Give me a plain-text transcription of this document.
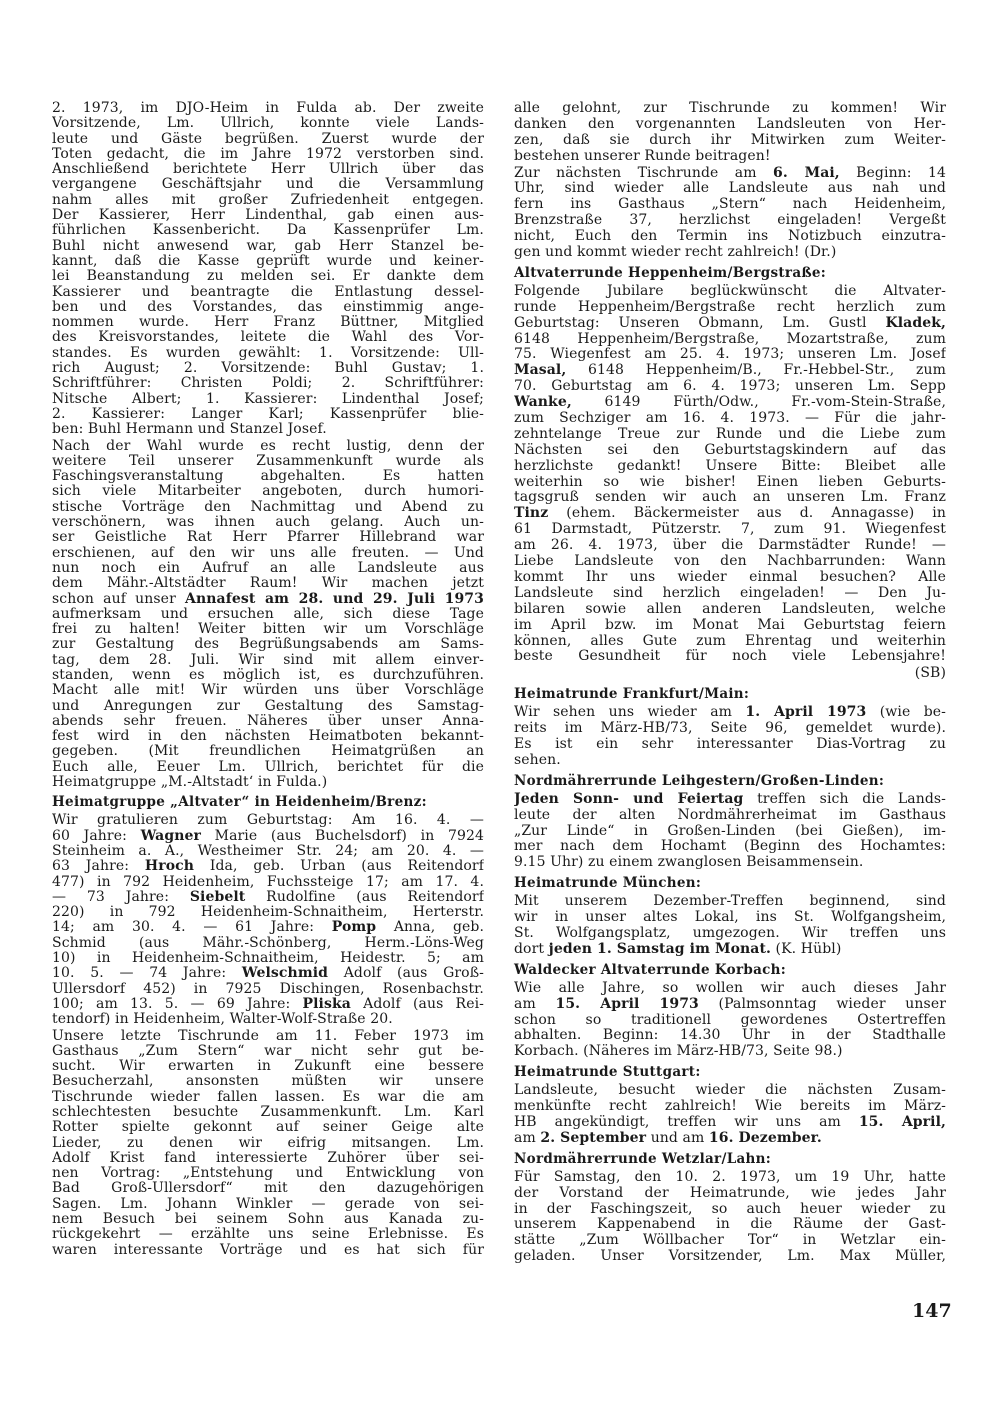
2. 1973, im DJO-Heim in Fulda ab. Der zweite
Vorsitzende, Lm. Ullrich, konnte viele Lands-
leute und Gäste begrüßen. Zuerst wurde der
Toten gedacht, die im Jahre 1972 verstorben sind.
Anschließend berichtete Herr Ullrich über das
vergangene Geschäftsjahr und die Versammlung
nahm alles mit großer Zufriedenheit entgegen.
Der Kassierer, Herr Lindenthal, gab einen aus-
führlichen Kassenbericht. Da Kassenprüfer Lm.
Buhl nicht anwesend war, gab Herr Stanzel be-
kannt, daß die Kasse geprüft wurde und keiner-
lei Beanstandung zu melden sei. Er dankte dem
Kassierer und beantragte die Entlastung dessel-
ben und des Vorstandes, das einstimmig ange-
nommen wurde. Herr Franz Büttner, Mitglied
des Kreisvorstandes, leitete die Wahl des Vor-
standes. Es wurden gewählt: 1. Vorsitzende: Ull-
rich August; 2. Vorsitzende: Buhl Gustav; 1.
Schriftführer: Christen Poldi; 2. Schriftführer:
Nitsche Albert; 1. Kassierer: Lindenthal Josef;
2. Kassierer: Langer Karl; Kassenprüfer blie-
ben: Buhl Hermann und Stanzel Josef.
Nach der Wahl wurde es recht lustig, denn der
weitere Teil unserer Zusammenkunft wurde als
Faschingsveranstaltung abgehalten. Es hatten
sich viele Mitarbeiter angeboten, durch humori-
stische Vorträge den Nachmittag und Abend zu
verschönern, was ihnen auch gelang. Auch un-
ser Geistliche Rat Herr Pfarrer Hillebrand war
erschienen, auf den wir uns alle freuten. — Und
nun noch ein Aufruf an alle Landsleute aus
dem Mähr.-Altstädter Raum! Wir machen jetzt
schon auf unser Annafest am 28. und 29. Juli 1973
aufmerksam und ersuchen alle, sich diese Tage
frei zu halten! Weiter bitten wir um Vorschläge
zur Gestaltung des Begrüßungsabends am Sams-
tag, dem 28. Juli. Wir sind mit allem einver-
standen, wenn es möglich ist, es durchzuführen.
Macht alle mit! Wir würden uns über Vorschläge
und Anregungen zur Gestaltung des Samstag-
abends sehr freuen. Näheres über unser Anna-
fest wird in den nächsten Heimatboten bekannt-
gegeben. (Mit freundlichen Heimatgrüßen an
Euch alle, Eeuer Lm. Ullrich, berichtet für die
Heimatgruppe „M.-Altstadt‘ in Fulda.)
Heimatgruppe „Altvater“ in Heidenheim/Brenz:
Wir gratulieren zum Geburtstag: Am 16. 4. —
60 Jahre: Wagner Marie (aus Buchelsdorf) in 7924
Steinheim a. A., Westheimer Str. 24; am 20. 4. —
63 Jahre: Hroch Ida, geb. Urban (aus Reitendorf
477) in 792 Heidenheim, Fuchssteige 17; am 17. 4.
— 73 Jahre: Siebelt Rudolfine (aus Reitendorf
220) in 792 Heidenheim-Schnaitheim, Herterstr.
14; am 30. 4. — 61 Jahre: Pomp Anna, geb.
Schmid (aus Mähr.-Schönberg, Herm.-Löns-Weg
10) in Heidenheim-Schnaitheim, Heidestr. 5; am
10. 5. — 74 Jahre: Welschmid Adolf (aus Groß-
Ullersdorf 452) in 7925 Dischingen, Rosenbachstr.
100; am 13. 5. — 69 Jahre: Pliska Adolf (aus Rei-
tendorf) in Heidenheim, Walter-Wolf-Straße 20.
Unsere letzte Tischrunde am 11. Feber 1973 im
Gasthaus „Zum Stern“ war nicht sehr gut be-
sucht. Wir erwarten in Zukunft eine bessere
Besucherzahl, ansonsten müßten wir unsere
Tischrunde wieder fallen lassen. Es war die am
schlechtesten besuchte Zusammenkunft. Lm. Karl
Rotter spielte gekonnt auf seiner Geige alte
Lieder, zu denen wir eifrig mitsangen. Lm.
Adolf Krist fand interessierte Zuhörer über sei-
nen Vortrag: „Entstehung und Entwicklung von
Bad Groß-Ullersdorf“ mit den dazugehörigen
Sagen. Lm. Johann Winkler — gerade von sei-
nem Besuch bei seinem Sohn aus Kanada zu-
rückgekehrt — erzählte uns seine Erlebnisse. Es
waren interessante Vorträge und es hat sich für
alle gelohnt, zur Tischrunde zu kommen! Wir
danken den vorgenannten Landsleuten von Her-
zen, daß sie durch ihr Mitwirken zum Weiter-
bestehen unserer Runde beitragen!
Zur nächsten Tischrunde am 6. Mai, Beginn: 14
Uhr, sind wieder alle Landsleute aus nah und
fern ins Gasthaus „Stern“ nach Heidenheim,
Brenzstraße 37, herzlichst eingeladen! Vergeßt
nicht, Euch den Termin ins Notizbuch einzutra-
gen und kommt wieder recht zahlreich! (Dr.)
Altvaterrunde Heppenheim/Bergstraße:
Folgende Jubilare beglückwünscht die Altvater-
runde Heppenheim/Bergstraße recht herzlich zum
Geburtstag: Unseren Obmann, Lm. Gustl Kladek,
6148 Heppenheim/Bergstraße, Mozartstraße, zum
75. Wiegenfest am 25. 4. 1973; unseren Lm. Josef
Masal, 6148 Heppenheim/B., Fr.-Hebbel-Str., zum
70. Geburtstag am 6. 4. 1973; unseren Lm. Sepp
Wanke, 6149 Fürth/Odw., Fr.-vom-Stein-Straße,
zum Sechziger am 16. 4. 1973. — Für die jahr-
zehntelange Treue zur Runde und die Liebe zum
Nächsten sei den Geburtstagskindern auf das
herzlichste gedankt! Unsere Bitte: Bleibet alle
weiterhin so wie bisher! Einen lieben Geburts-
tagsgruß senden wir auch an unseren Lm. Franz
Tinz (ehem. Bäckermeister aus d. Annagasse) in
61 Darmstadt, Pützerstr. 7, zum 91. Wiegenfest
am 26. 4. 1973, über die Darmstädter Runde! —
Liebe Landsleute von den Nachbarrunden: Wann
kommt Ihr uns wieder einmal besuchen? Alle
Landsleute sind herzlich eingeladen! — Den Ju-
bilaren sowie allen anderen Landsleuten, welche
im April bzw. im Monat Mai Geburtstag feiern
können, alles Gute zum Ehrentag und weiterhin
beste Gesundheit für noch viele Lebensjahre!
(SB)
Heimatrunde Frankfurt/Main:
Wir sehen uns wieder am 1. April 1973 (wie be-
reits im März-HB/73, Seite 96, gemeldet wurde).
Es ist ein sehr interessanter Dias-Vortrag zu
sehen.
Nordmährerrunde Leihgestern/Großen-Linden:
Jeden Sonn- und Feiertag treffen sich die Lands-
leute der alten Nordmährerheimat im Gasthaus
„Zur Linde“ in Großen-Linden (bei Gießen), im-
mer nach dem Hochamt (Beginn des Hochamtes:
9.15 Uhr) zu einem zwanglosen Beisammensein.
Heimatrunde München:
Mit unserem Dezember-Treffen beginnend, sind
wir in unser altes Lokal, ins St. Wolfgangsheim,
St. Wolfgangsplatz, umgezogen. Wir treffen uns
dort jeden 1. Samstag im Monat. (K. Hübl)
Waldecker Altvaterrunde Korbach:
Wie alle Jahre, so wollen wir auch dieses Jahr
am 15. April 1973 (Palmsonntag wieder unser
schon so traditionell gewordenes Ostertreffen
abhalten. Beginn: 14.30 Uhr in der Stadthalle
Korbach. (Näheres im März-HB/73, Seite 98.)
Heimatrunde Stuttgart:
Landsleute, besucht wieder die nächsten Zusam-
menkünfte recht zahlreich! Wie bereits im März-
HB angekündigt, treffen wir uns am 15. April,
am 2. September und am 16. Dezember.
Nordmährerrunde Wetzlar/Lahn:
Für Samstag, den 10. 2. 1973, um 19 Uhr, hatte
der Vorstand der Heimatrunde, wie jedes Jahr
in der Faschingszeit, so auch heuer wieder zu
unserem Kappenabend in die Räume der Gast-
stätte „Zum Wöllbacher Tor“ in Wetzlar ein-
geladen. Unser Vorsitzender, Lm. Max Müller,
147
